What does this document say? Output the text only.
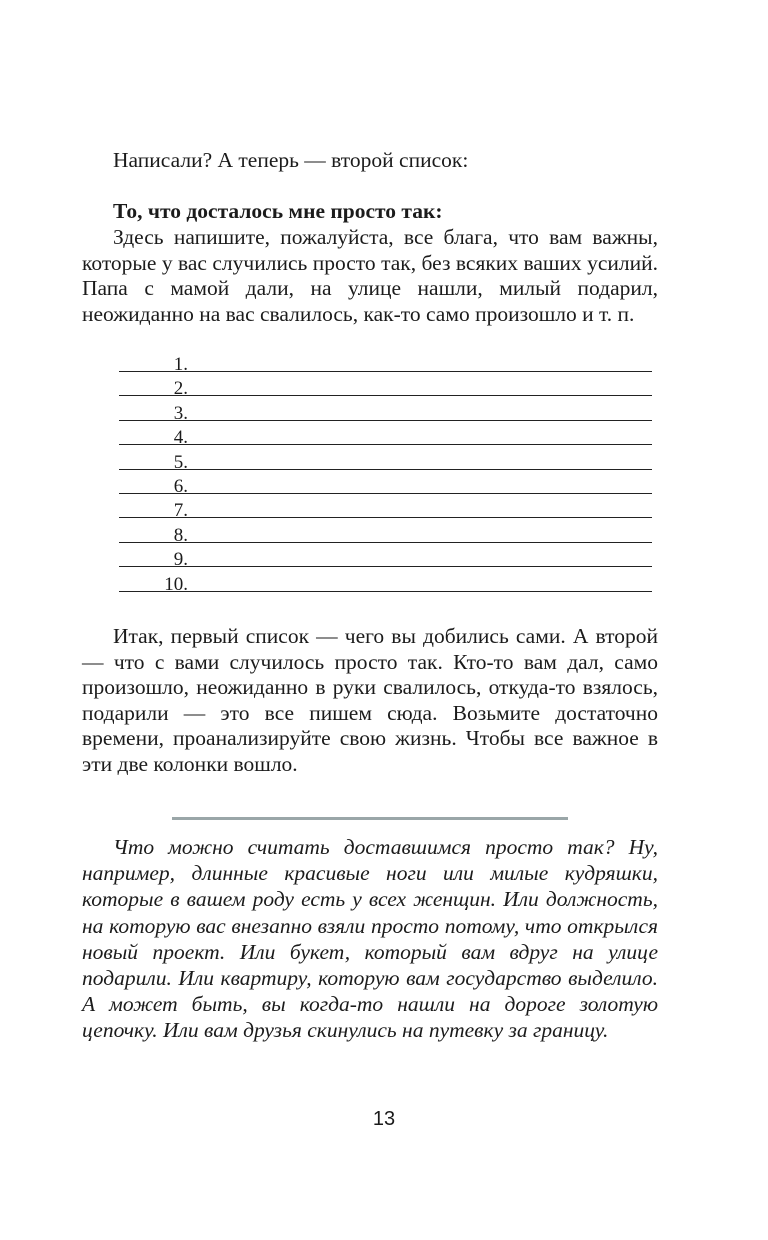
Написали? А теперь — второй список:

То, что досталось мне просто так:

Здесь напишите, пожалуйста, все блага, что вам важны, которые у вас случились просто так, без всяких ваших усилий. Папа с мамой дали, на улице нашли, милый подарил, неожиданно на вас свалилось, как-то само произошло и т. п.

1.
2.
3.
4.
5.
6.
7.
8.
9.
10.

Итак, первый список — чего вы добились сами. А второй — что с вами случилось просто так. Кто-то вам дал, само произошло, неожиданно в руки свалилось, откуда-то взялось, подарили — это все пишем сюда. Возьмите достаточно времени, проанализируйте свою жизнь. Чтобы все важное в эти две колонки вошло.

Что можно считать доставшимся просто так? Ну, например, длинные красивые ноги или милые кудряшки, которые в вашем роду есть у всех женщин. Или должность, на которую вас внезапно взяли просто потому, что открылся новый проект. Или букет, который вам вдруг на улице подарили. Или квартиру, которую вам государство выделило. А может быть, вы когда-то нашли на дороге золотую цепочку. Или вам друзья скинулись на путевку за границу.

13
